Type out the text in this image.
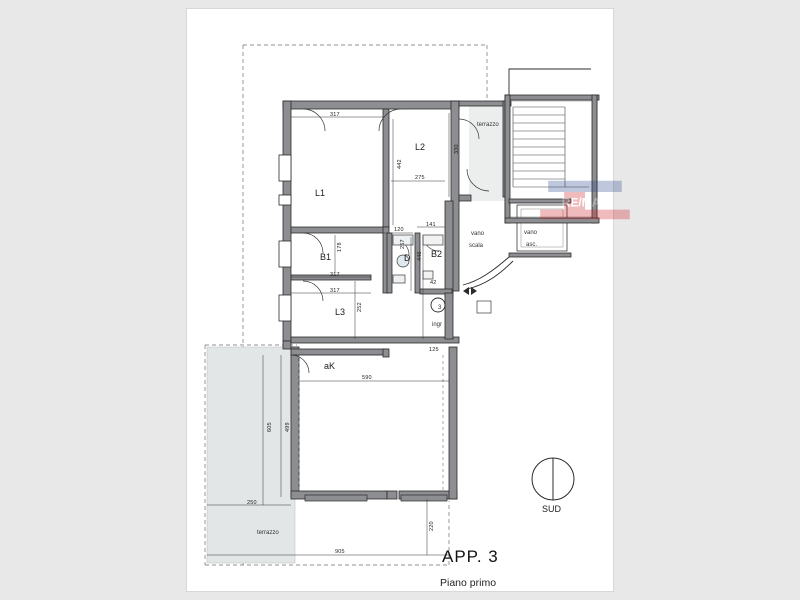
RE/MAX
L1
L2
L3
B1	B2
D
aK
terrazzo
vano
scala
vano
asc.
ingr
terrazzo
3
317
275
120
141
317
317
42
125
590
250
905
442
330
257
178
446
252
605 499
220
APP. 3
Piano primo
SUD
